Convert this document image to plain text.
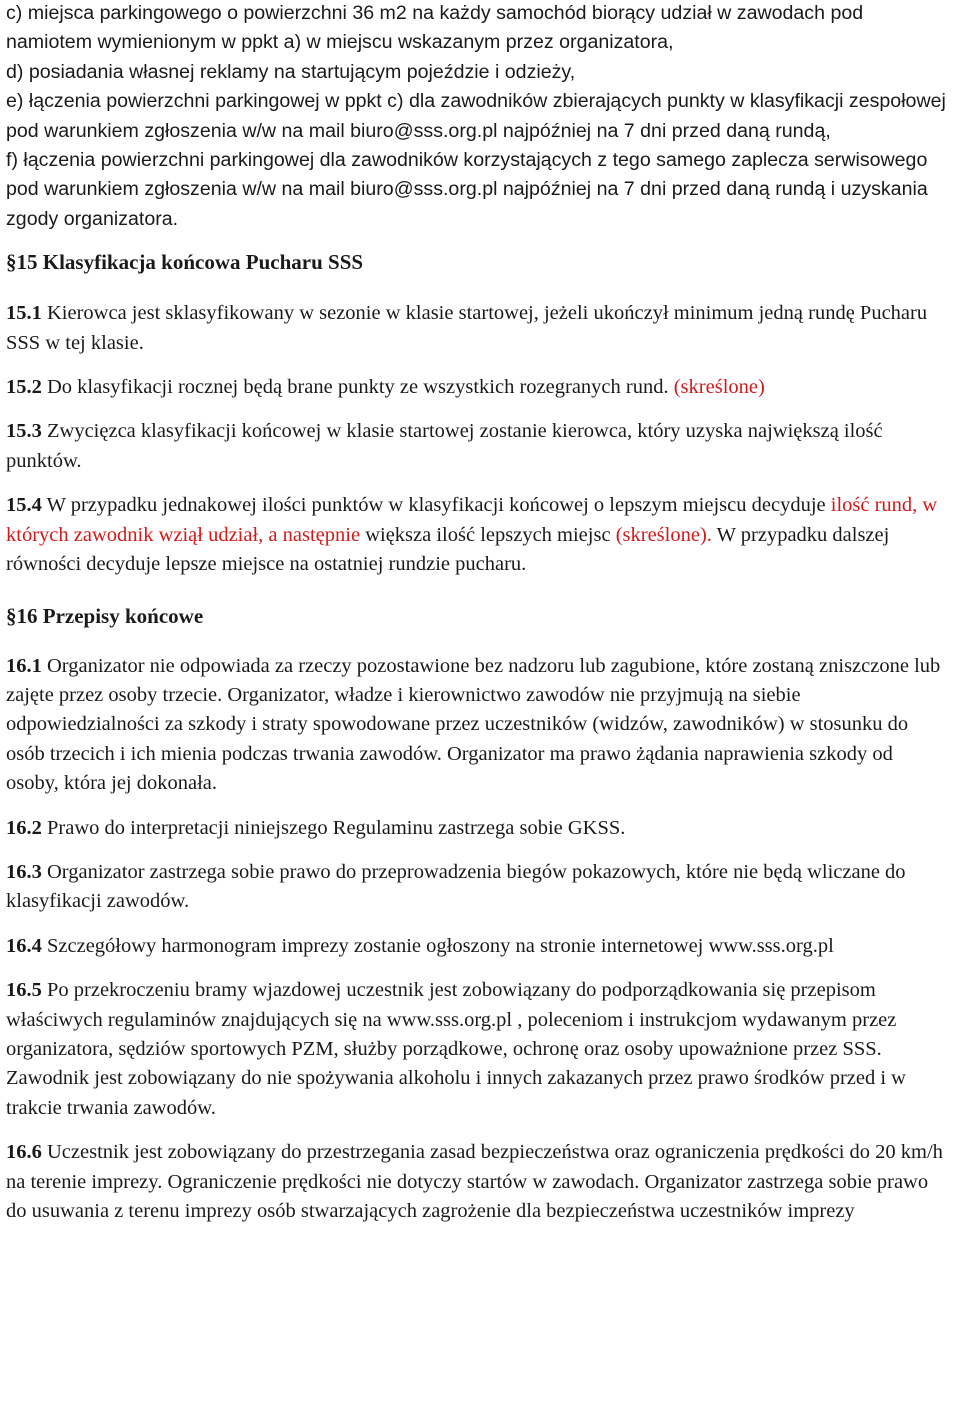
c) miejsca parkingowego o powierzchni 36 m2 na każdy samochód biorący udział w zawodach pod namiotem wymienionym w ppkt a) w miejscu wskazanym przez organizatora,

d) posiadania własnej reklamy na startującym pojeździe i odzieży,

e) łączenia powierzchni parkingowej w ppkt c) dla zawodników zbierających punkty w klasyfikacji zespołowej pod warunkiem zgłoszenia w/w na mail biuro@sss.org.pl najpóźniej na 7 dni przed daną rundą,

f) łączenia powierzchni parkingowej dla zawodników korzystających z tego samego zaplecza serwisowego pod warunkiem zgłoszenia w/w na mail biuro@sss.org.pl najpóźniej na 7 dni przed daną rundą i uzyskania zgody organizatora.

§15 Klasyfikacja końcowa Pucharu SSS

15.1 Kierowca jest sklasyfikowany w sezonie w klasie startowej, jeżeli ukończył minimum jedną rundę Pucharu SSS w tej klasie.

15.2 Do klasyfikacji rocznej będą brane punkty ze wszystkich rozegranych rund. (skreślone)

15.3 Zwycięzca klasyfikacji końcowej w klasie startowej zostanie kierowca, który uzyska największą ilość punktów.

15.4 W przypadku jednakowej ilości punktów w klasyfikacji końcowej o lepszym miejscu decyduje ilość rund, w których zawodnik wziął udział, a następnie większa ilość lepszych miejsc (skreślone). W przypadku dalszej równości decyduje lepsze miejsce na ostatniej rundzie pucharu.

§16 Przepisy końcowe

16.1 Organizator nie odpowiada za rzeczy pozostawione bez nadzoru lub zagubione, które zostaną zniszczone lub zajęte przez osoby trzecie. Organizator, władze i kierownictwo zawodów nie przyjmują na siebie odpowiedzialności za szkody i straty spowodowane przez uczestników (widzów, zawodników) w stosunku do osób trzecich i ich mienia podczas trwania zawodów. Organizator ma prawo żądania naprawienia szkody od osoby, która jej dokonała.

16.2 Prawo do interpretacji niniejszego Regulaminu zastrzega sobie GKSS.

16.3 Organizator zastrzega sobie prawo do przeprowadzenia biegów pokazowych, które nie będą wliczane do klasyfikacji zawodów.

16.4 Szczegółowy harmonogram imprezy zostanie ogłoszony na stronie internetowej www.sss.org.pl

16.5 Po przekroczeniu bramy wjazdowej uczestnik jest zobowiązany do podporządkowania się przepisom właściwych regulaminów znajdujących się na www.sss.org.pl , poleceniom i instrukcjom wydawanym przez organizatora, sędziów sportowych PZM, służby porządkowe, ochronę oraz osoby upoważnione przez SSS. Zawodnik jest zobowiązany do nie spożywania alkoholu i innych zakazanych przez prawo środków przed i w trakcie trwania zawodów.

16.6 Uczestnik jest zobowiązany do przestrzegania zasad bezpieczeństwa oraz ograniczenia prędkości do 20 km/h na terenie imprezy. Ograniczenie prędkości nie dotyczy startów w zawodach. Organizator zastrzega sobie prawo do usuwania z terenu imprezy osób stwarzających zagrożenie dla bezpieczeństwa uczestników imprezy
